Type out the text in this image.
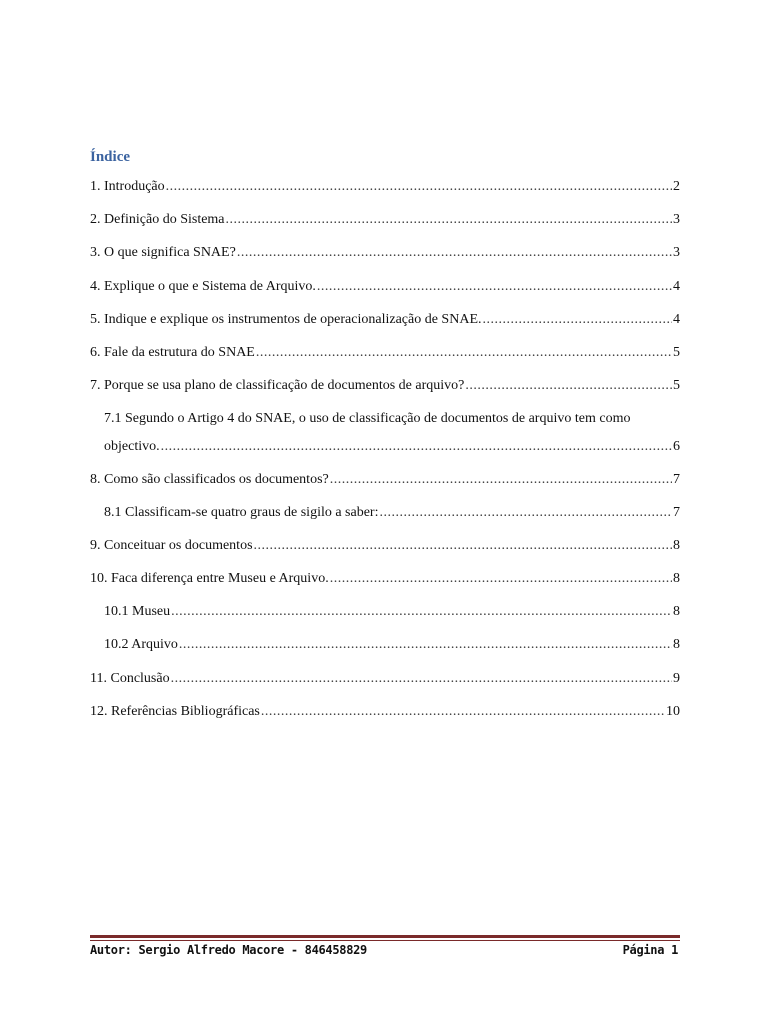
Índice
1. Introdução .....	2
2. Definição do Sistema .....	3
3. O que significa SNAE? .....	3
4. Explique o que e Sistema de Arquivo. .....	4
5. Indique e explique os instrumentos de operacionalização de SNAE. .....	4
6. Fale da estrutura do SNAE .....	5
7. Porque se usa plano de classificação de documentos de arquivo? .....	5
7.1 Segundo o Artigo 4 do SNAE, o uso de classificação de documentos de arquivo tem como
objectivo. .....	6
8. Como são classificados os documentos? .....	7
8.1 Classificam-se quatro graus de sigilo a saber: .....	7
9. Conceituar os documentos .....	8
10. Faca diferença entre Museu e Arquivo. .....	8
10.1 Museu .....	8
10.2 Arquivo .....	8
11. Conclusão .....	9
12. Referências Bibliográficas .....	10
Autor: Sergio Alfredo Macore - 846458829	Página 1
